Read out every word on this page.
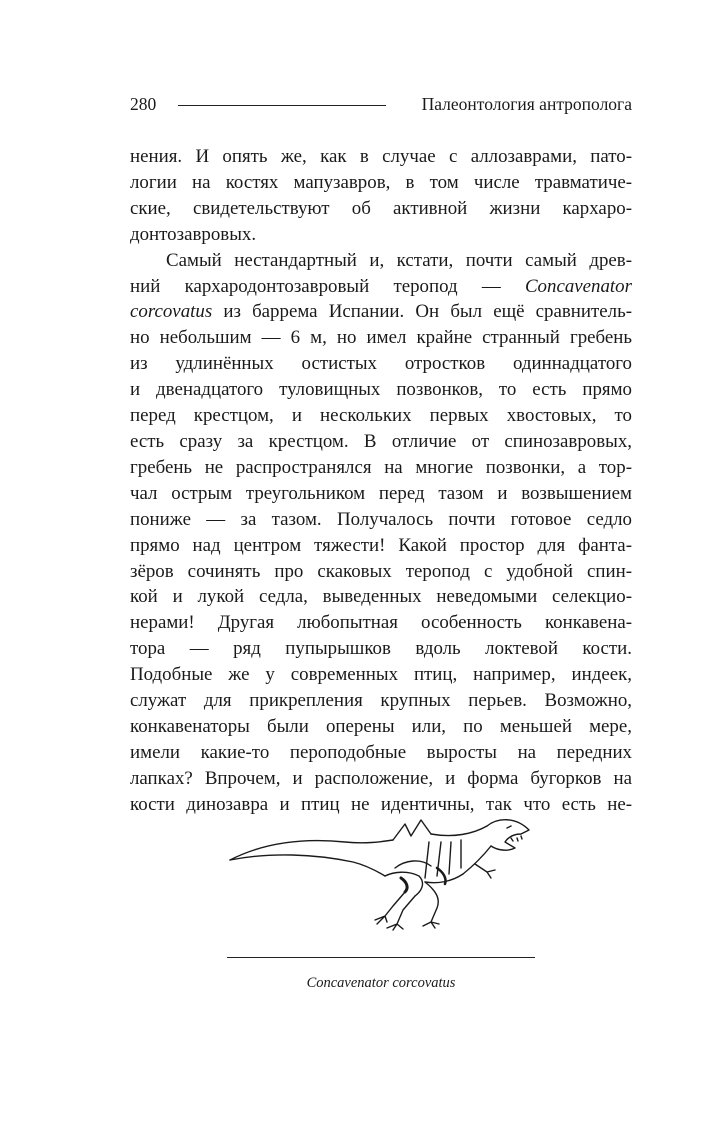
280	Палеонтология антрополога
нения. И опять же, как в случае с аллозаврами, пато-
логии на костях мапузавров, в том числе травматиче-
ские, свидетельствуют об активной жизни кархаро-
донтозавровых.
Самый нестандартный и, кстати, почти самый древ-
ний кархародонтозавровый теропод — Concavenator
corcovatus из баррема Испании. Он был ещё сравнитель-
но небольшим — 6 м, но имел крайне странный гребень
из удлинённых остистых отростков одиннадцатого
и двенадцатого туловищных позвонков, то есть прямо
перед крестцом, и нескольких первых хвостовых, то
есть сразу за крестцом. В отличие от спинозавровых,
гребень не распространялся на многие позвонки, а тор-
чал острым треугольником перед тазом и возвышением
пониже — за тазом. Получалось почти готовое седло
прямо над центром тяжести! Какой простор для фанта-
зёров сочинять про скаковых теропод с удобной спин-
кой и лукой седла, выведенных неведомыми селекцио-
нерами! Другая любопытная особенность конкавена-
тора — ряд пупырышков вдоль локтевой кости.
Подобные же у современных птиц, например, индеек,
служат для прикрепления крупных перьев. Возможно,
конкавенаторы были оперены или, по меньшей мере,
имели какие-то пероподобные выросты на передних
лапках? Впрочем, и расположение, и форма бугорков на
кости динозавра и птиц не идентичны, так что есть не-
Concavenator corcovatus
